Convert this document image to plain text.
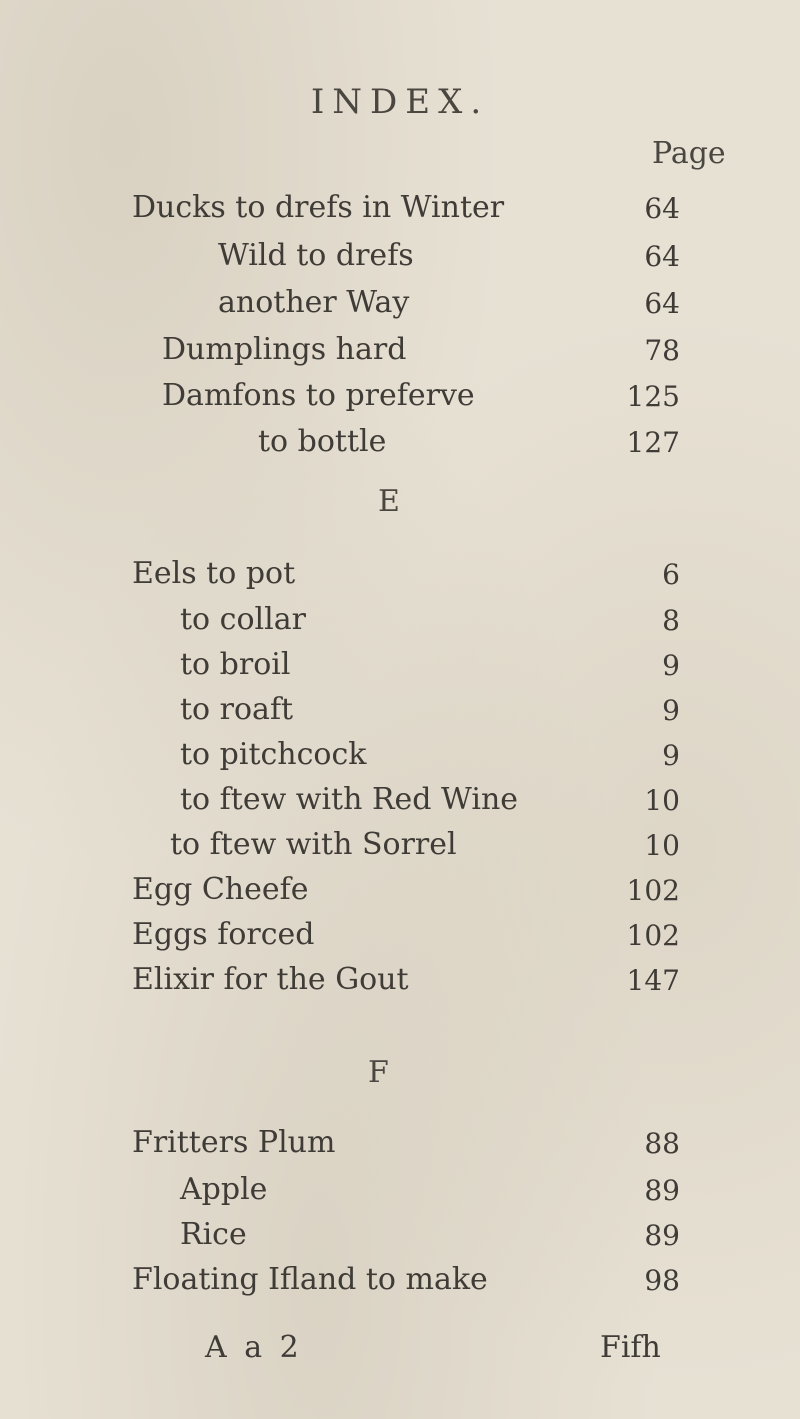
INDEX.
Page
Ducks to drefs in Winter	64
Wild to drefs	64
another Way	64
Dumplings hard	78
Damfons to preferve	125
to bottle	127
E
Eels to pot	6
to collar	8
to broil	9
to roaft	9
to pitchcock	9
to ftew with Red Wine	10
to ftew with Sorrel	10
Egg Cheefe	102
Eggs forced	102
Elixir for the Gout	147
F
Fritters Plum	88
Apple	89
Rice	89
Floating Ifland to make	98
A a 2	Fifh
